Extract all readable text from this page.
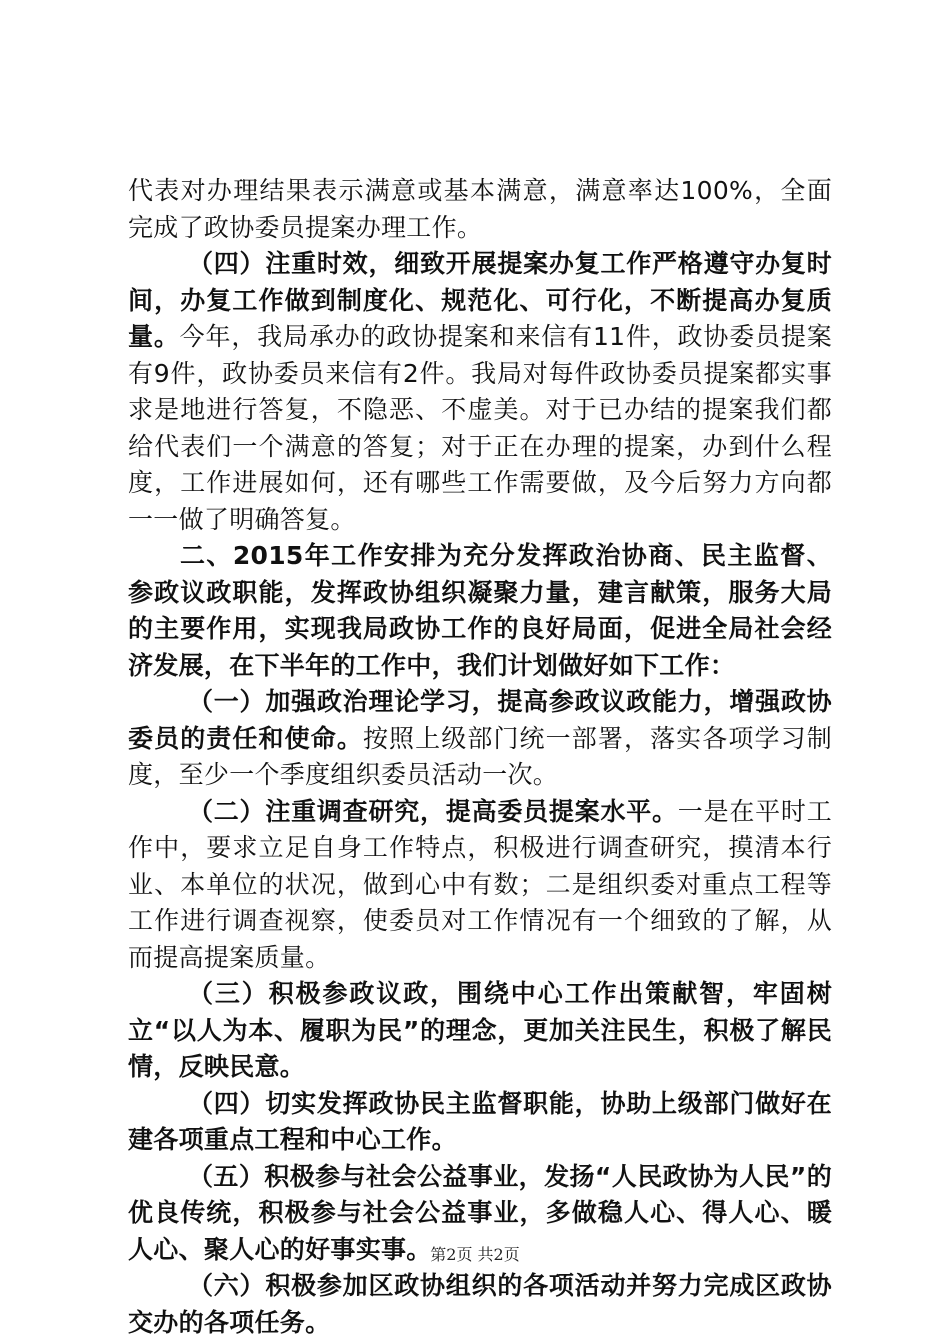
代表对办理结果表示满意或基本满意，满意率达100%，全面完成了政协委员提案办理工作。

（四）注重时效，细致开展提案办复工作严格遵守办复时间，办复工作做到制度化、规范化、可行化，不断提高办复质量。今年，我局承办的政协提案和来信有11件，政协委员提案有9件，政协委员来信有2件。我局对每件政协委员提案都实事求是地进行答复，不隐恶、不虚美。对于已办结的提案我们都给代表们一个满意的答复；对于正在办理的提案，办到什么程度，工作进展如何，还有哪些工作需要做，及今后努力方向都一一做了明确答复。

二、2015年工作安排为充分发挥政治协商、民主监督、参政议政职能，发挥政协组织凝聚力量，建言献策，服务大局的主要作用，实现我局政协工作的良好局面，促进全局社会经济发展，在下半年的工作中，我们计划做好如下工作：

（一）加强政治理论学习，提高参政议政能力，增强政协委员的责任和使命。按照上级部门统一部署，落实各项学习制度，至少一个季度组织委员活动一次。

（二）注重调查研究，提高委员提案水平。一是在平时工作中，要求立足自身工作特点，积极进行调查研究，摸清本行业、本单位的状况，做到心中有数；二是组织委对重点工程等工作进行调查视察，使委员对工作情况有一个细致的了解，从而提高提案质量。

（三）积极参政议政，围绕中心工作出策献智，牢固树立“以人为本、履职为民”的理念，更加关注民生，积极了解民情，反映民意。

（四）切实发挥政协民主监督职能，协助上级部门做好在建各项重点工程和中心工作。

（五）积极参与社会公益事业，发扬“人民政协为人民”的优良传统，积极参与社会公益事业，多做稳人心、得人心、暖人心、聚人心的好事实事。

（六）积极参加区政协组织的各项活动并努力完成区政协交办的各项任务。

第2页 共2页
